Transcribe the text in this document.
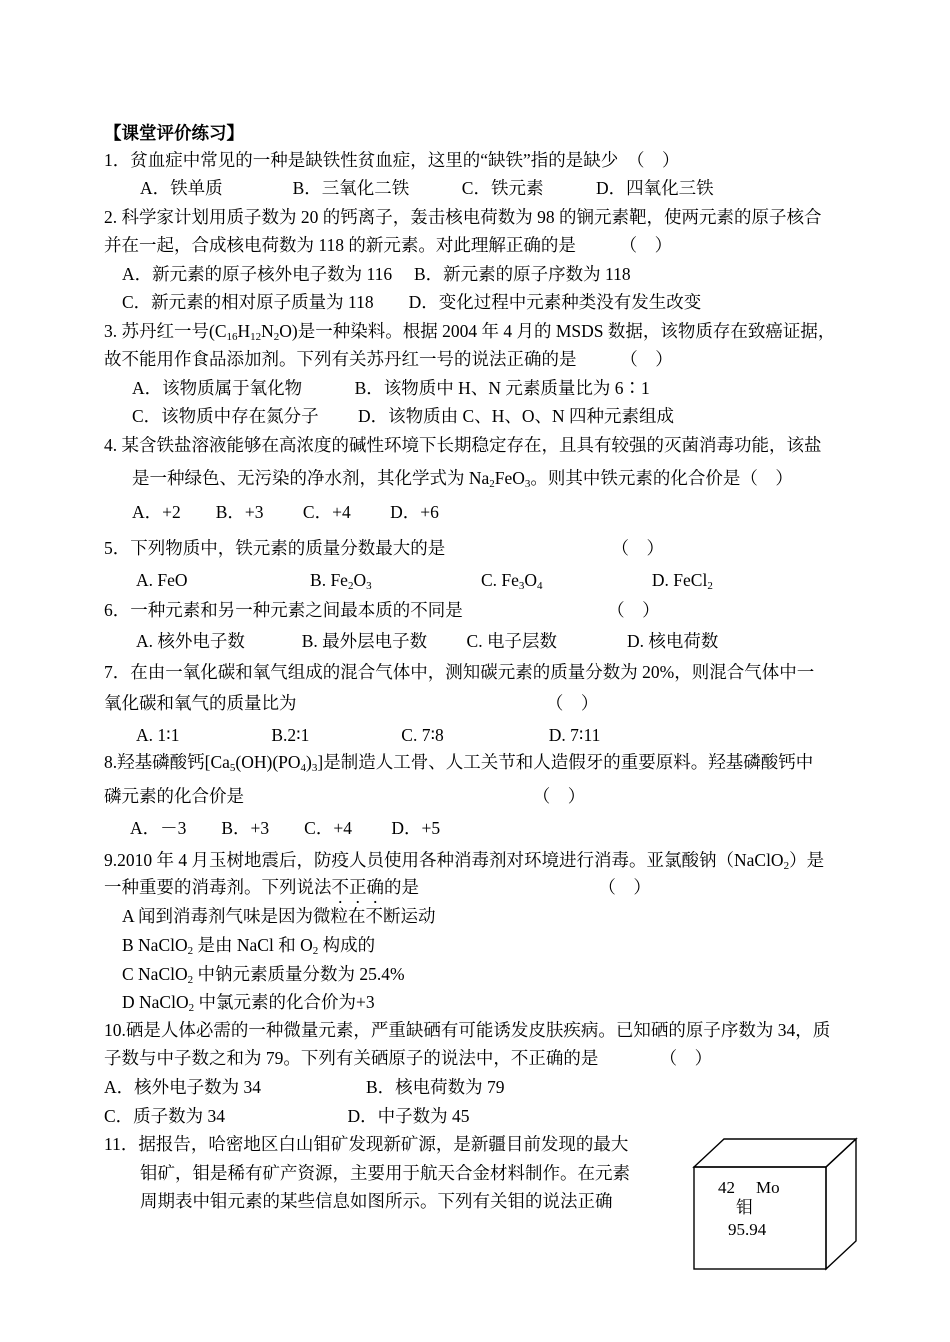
【课堂评价练习】
1．贫血症中常见的一种是缺铁性贫血症，这里的“缺铁”指的是缺少　（　）
A．铁单质　　　　B．三氧化二铁　　　C．铁元素　　　D．四氧化三铁
2. 科学家计划用质子数为 20 的钙离子，轰击核电荷数为 98 的锎元素靶，使两元素的原子核合
并在一起，合成核电荷数为 118 的新元素。对此理解正确的是　　　（　）
A．新元素的原子核外电子数为 116　 B．新元素的原子序数为 118
C．新元素的相对原子质量为 118　　D．变化过程中元素种类没有发生改变
3. 苏丹红一号$(C_{16}H_{12}N_2O)$是一种染料。根据 2004 年 4 月的 MSDS 数据，该物质存在致癌证据，
故不能用作食品添加剂。下列有关苏丹红一号的说法正确的是　　　（　）
A．该物质属于氧化物　　　B．该物质中 H、N 元素质量比为 6∶1
C．该物质中存在氮分子　　 D．该物质由 C、H、O、N 四种元素组成
4. 某含铁盐溶液能够在高浓度的碱性环境下长期稳定存在，且具有较强的灭菌消毒功能，该盐
是一种绿色、无污染的净水剂，其化学式为 $Na_2FeO_3$。则其中铁元素的化合价是（　）
A．+2　　B．+3　　 C．+4　　 D．+6
5．下列物质中，铁元素的质量分数最大的是　　　　　　　　　　（　）
A. FeO　　　　　　　B. $Fe_2O_3$　　　　　　 C. $Fe_3O_4$　　　　　　 D. FeCl$_2$
6．一种元素和另一种元素之间最本质的不同是　　　　　　　　 （　）
A. 核外电子数　　　 B. 最外层电子数　　 C. 电子层数　　　　D. 核电荷数
7．在由一氧化碳和氧气组成的混合气体中，测知碳元素的质量分数为 20%，则混合气体中一
氧化碳和氧气的质量比为　　　　　　　　　　　　　　 （　）
A. 1∶1　　　　　 B.2∶1　　　　　 C. 7∶8　　　　　　D. 7∶11
8.羟基磷酸钙$[Ca_5(OH)(PO_4)_3]$是制造人工骨、人工关节和人造假牙的重要原料。羟基磷酸钙中
磷元素的化合价是　　　　　　　　　　　　　　　　　（　）
A．－3　　B．+3　　C．+4　　 D．+5
9.2010 年 4 月玉树地震后，防疫人员使用各种消毒剂对环境进行消毒。亚氯酸钠（NaClO$_2$）是
一种重要的消毒剂。下列说法不正确的是　　　　　　　　　　 （　）
A 闻到消毒剂气味是因为微粒在不断运动
B NaClO$_2$ 是由 NaCl 和 $O_2$ 构成的
C NaClO$_2$ 中钠元素质量分数为 25.4%
D NaClO$_2$ 中氯元素的化合价为+3
10.硒是人体必需的一种微量元素，严重缺硒有可能诱发皮肤疾病。已知硒的原子序数为 34，质
子数与中子数之和为 79。下列有关硒原子的说法中，不正确的是　　　　（　）
A．核外电子数为 34　　　　　　B．核电荷数为 79
C．质子数为 34　　　　　　　D．中子数为 45
11．据报告，哈密地区白山钼矿发现新矿源，是新疆目前发现的最大
钼矿，钼是稀有矿产资源，主要用于航天合金材料制作。在元素
周期表中钼元素的某些信息如图所示。下列有关钼的说法正确
42 Mo
钼
95.94
